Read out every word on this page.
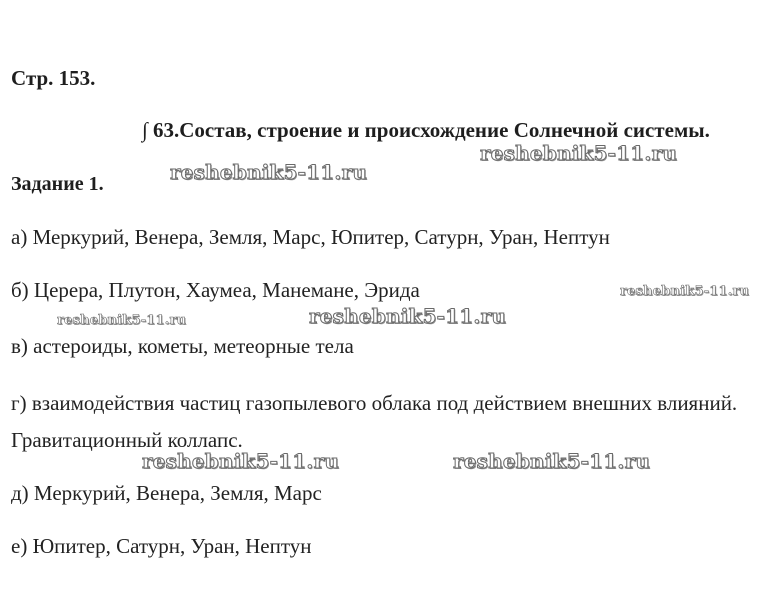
Стр. 153.
∫ 63.Состав, строение и происхождение Солнечной системы.
reshebnik5-11.ru
Задание 1.	reshebnik5-11.ru
а) Меркурий, Венера, Земля, Марс, Юпитер, Сатурн, Уран, Нептун
б) Церера, Плутон, Хаумеа, Манемане, Эрида	reshebnik5-11.ru
reshebnik5-11.ru	reshebnik5-11.ru
в) астероиды, кометы, метеорные тела
г) взаимодействия частиц газопылевого облака под действием внешних влияний.
Гравитационный коллапс.
reshebnik5-11.ru	reshebnik5-11.ru
д) Меркурий, Венера, Земля, Марс
е) Юпитер, Сатурн, Уран, Нептун
